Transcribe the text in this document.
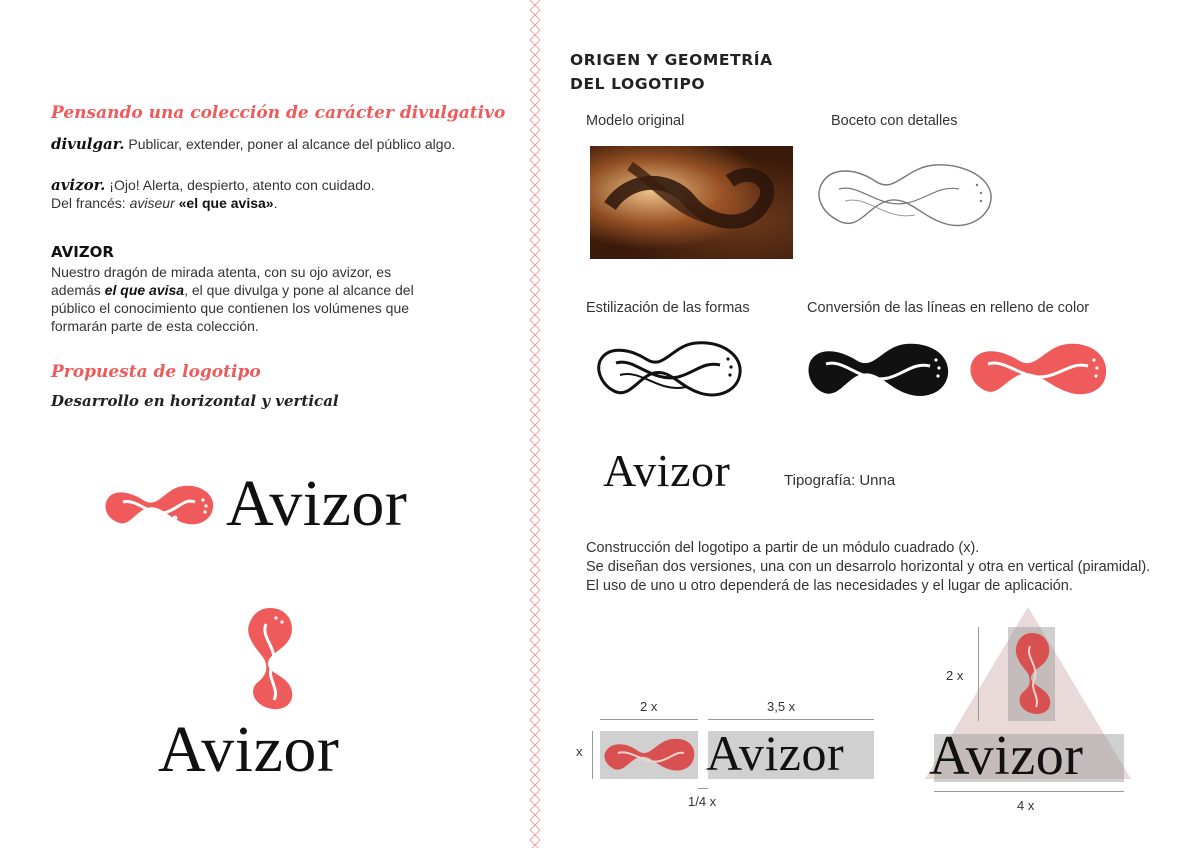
Pensando una colección de carácter divulgativo
divulgar. Publicar, extender, poner al alcance del público algo.
avizor. ¡Ojo! Alerta, despierto, atento con cuidado.
Del francés: aviseur «el que avisa».
AVIZOR
Nuestro dragón de mirada atenta, con su ojo avizor, es
además el que avisa, el que divulga y pone al alcance del
público el conocimiento que contienen los volúmenes que
formarán parte de esta colección.
Propuesta de logotipo
Desarrollo en horizontal y vertical
Avizor
Avizor
ORIGEN Y GEOMETRÍA
DEL LOGOTIPO
Modelo original	Boceto con detalles
Estilización de las formas	Conversión de las líneas en relleno de color
Avizor	Tipografía: Unna
Construcción del logotipo a partir de un módulo cuadrado (x).
Se diseñan dos versiones, una con un desarrolo horizontal y otra en vertical (piramidal).
El uso de uno u otro dependerá de las necesidades y el lugar de aplicación.
2 x	3,5 x
x Avizor
1/4 x
2 x
Avizor
4 x
